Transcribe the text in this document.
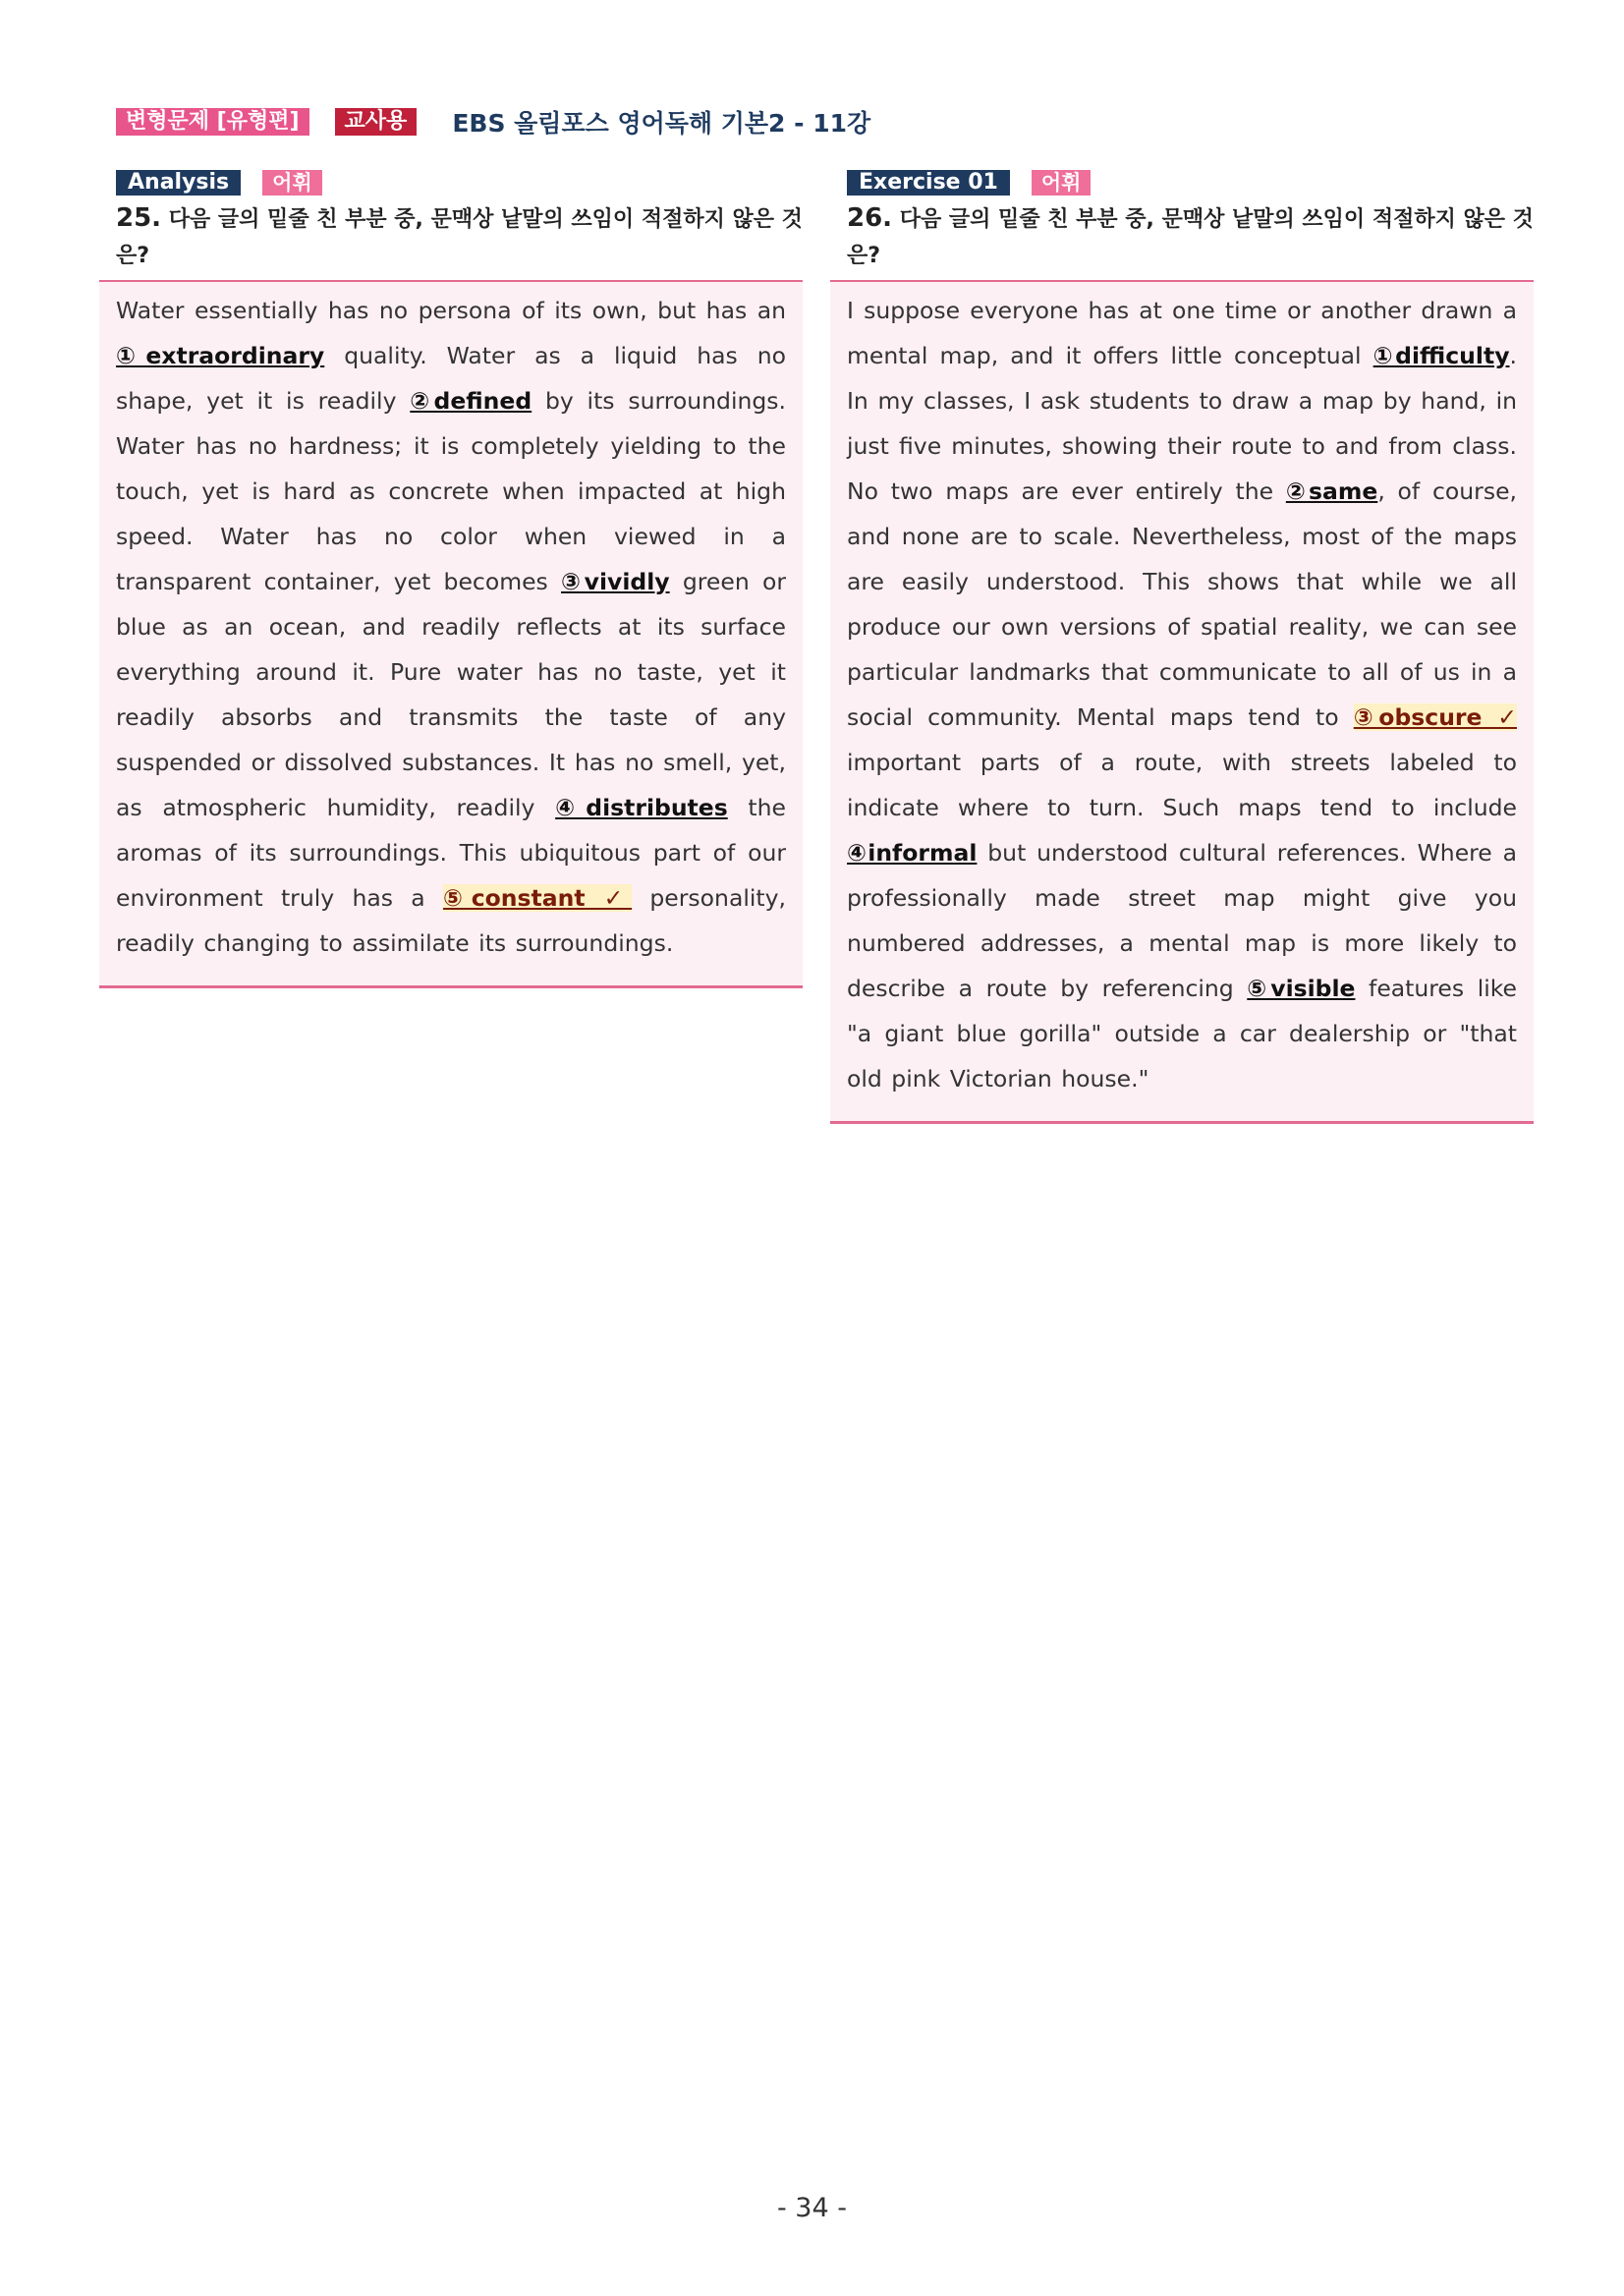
변형문제 [유형편]	교사용	EBS 올림포스 영어독해 기본2 - 11강
Analysis	어휘
25. 다음 글의 밑줄 친 부분 중, 문맥상 낱말의 쓰임이 적절하지 않은 것은?

Water essentially has no persona of its own, but has an ①extraordinary quality. Water as a liquid has no shape, yet it is readily ②defined by its surroundings. Water has no hardness; it is completely yielding to the touch, yet is hard as concrete when impacted at high speed. Water has no color when viewed in a transparent container, yet becomes ③vividly green or blue as an ocean, and readily reflects at its surface everything around it. Pure water has no taste, yet it readily absorbs and transmits the taste of any suspended or dissolved substances. It has no smell, yet, as atmospheric humidity, readily ④distributes the aromas of its surroundings. This ubiquitous part of our environment truly has a ⑤constant ✓ personality, readily changing to assimilate its surroundings.

Exercise 01	어휘
26. 다음 글의 밑줄 친 부분 중, 문맥상 낱말의 쓰임이 적절하지 않은 것은?

I suppose everyone has at one time or another drawn a mental map, and it offers little conceptual ①difficulty. In my classes, I ask students to draw a map by hand, in just five minutes, showing their route to and from class. No two maps are ever entirely the ②same, of course, and none are to scale. Nevertheless, most of the maps are easily understood. This shows that while we all produce our own versions of spatial reality, we can see particular landmarks that communicate to all of us in a social community. Mental maps tend to ③obscure ✓ important parts of a route, with streets labeled to indicate where to turn. Such maps tend to include ④informal but understood cultural references. Where a professionally made street map might give you numbered addresses, a mental map is more likely to describe a route by referencing ⑤visible features like "a giant blue gorilla" outside a car dealership or "that old pink Victorian house."

- 34 -
